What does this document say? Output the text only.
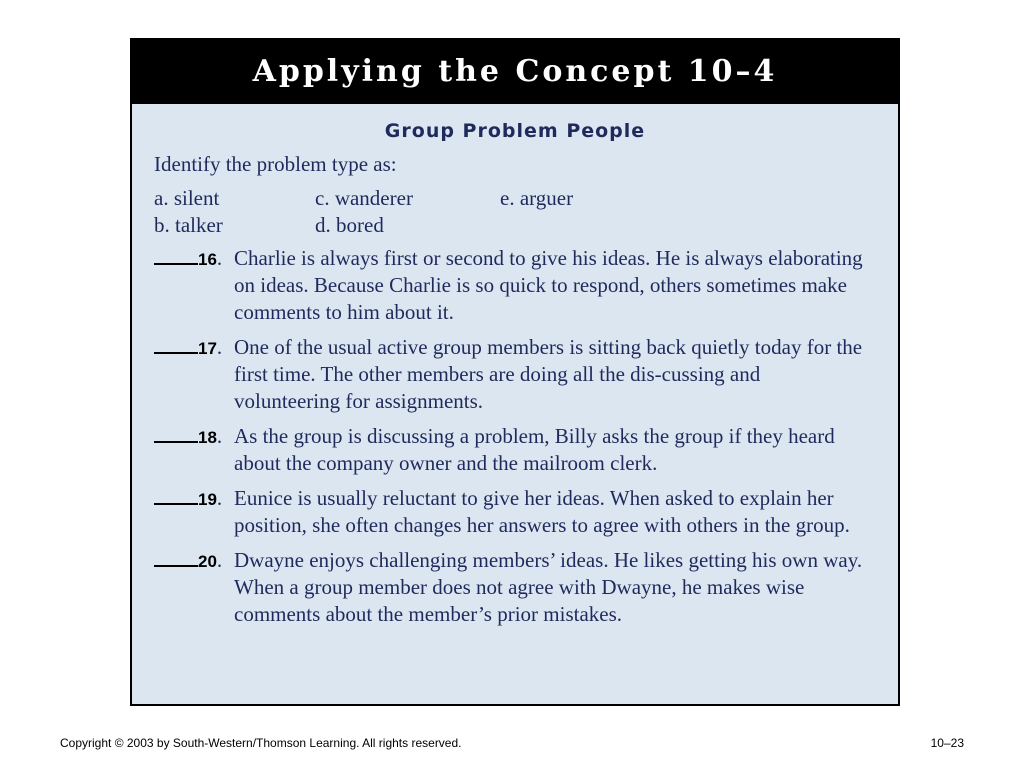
Applying the Concept 10–4
Group Problem People
Identify the problem type as:
a. silent	c. wanderer	e. arguer
b. talker	d. bored
16. Charlie is always first or second to give his ideas. He is always elaborating on ideas. Because Charlie is so quick to respond, others sometimes make comments to him about it.
17. One of the usual active group members is sitting back quietly today for the first time. The other members are doing all the dis-cussing and volunteering for assignments.
18. As the group is discussing a problem, Billy asks the group if they heard about the company owner and the mailroom clerk.
19. Eunice is usually reluctant to give her ideas. When asked to explain her position, she often changes her answers to agree with others in the group.
20. Dwayne enjoys challenging members’ ideas. He likes getting his own way. When a group member does not agree with Dwayne, he makes wise comments about the member’s prior mistakes.
Copyright © 2003 by South-Western/Thomson Learning. All rights reserved.	10–23
